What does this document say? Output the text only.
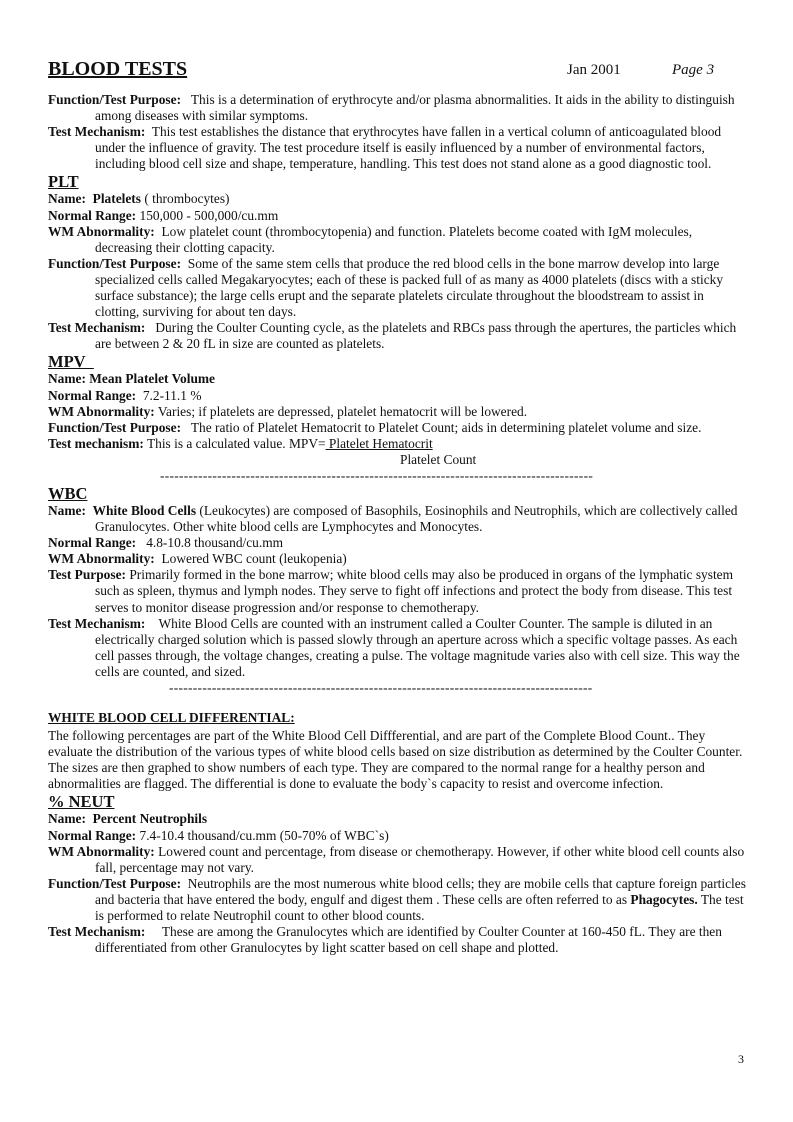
BLOOD TESTS	Jan 2001	Page 3

Function/Test Purpose: This is a determination of erythrocyte and/or plasma abnormalities. It aids in the ability to distinguish among diseases with similar symptoms.

Test Mechanism: This test establishes the distance that erythrocytes have fallen in a vertical column of anticoagulated blood under the influence of gravity. The test procedure itself is easily influenced by a number of environmental factors, including blood cell size and shape, temperature, handling. This test does not stand alone as a good diagnostic tool.

PLT

Name: Platelets ( thrombocytes)

Normal Range: 150,000 - 500,000/cu.mm

WM Abnormality: Low platelet count (thrombocytopenia) and function. Platelets become coated with IgM molecules, decreasing their clotting capacity.

Function/Test Purpose: Some of the same stem cells that produce the red blood cells in the bone marrow develop into large specialized cells called Megakaryocytes; each of these is packed full of as many as 4000 platelets (discs with a sticky surface substance); the large cells erupt and the separate platelets circulate throughout the bloodstream to assist in clotting, surviving for about ten days.

Test Mechanism: During the Coulter Counting cycle, as the platelets and RBCs pass through the apertures, the particles which are between 2 & 20 fL in size are counted as platelets.

MPV

Name: Mean Platelet Volume

Normal Range: 7.2-11.1 %

WM Abnormality: Varies; if platelets are depressed, platelet hematocrit will be lowered.

Function/Test Purpose: The ratio of Platelet Hematocrit to Platelet Count; aids in determining platelet volume and size.

Test mechanism: This is a calculated value. MPV= Platelet Hematocrit

Platelet Count

-------------------------------------------------------------------------------------------

WBC

Name: White Blood Cells (Leukocytes) are composed of Basophils, Eosinophils and Neutrophils, which are collectively called Granulocytes. Other white blood cells are Lymphocytes and Monocytes.

Normal Range: 4.8-10.8 thousand/cu.mm

WM Abnormality: Lowered WBC count (leukopenia)

Test Purpose: Primarily formed in the bone marrow; white blood cells may also be produced in organs of the lymphatic system such as spleen, thymus and lymph nodes. They serve to fight off infections and protect the body from disease. This test serves to monitor disease progression and/or response to chemotherapy.

Test Mechanism: White Blood Cells are counted with an instrument called a Coulter Counter. The sample is diluted in an electrically charged solution which is passed slowly through an aperture across which a specific voltage passes. As each cell passes through, the voltage changes, creating a pulse. The voltage magnitude varies also with cell size. This way the cells are counted, and sized.

-----------------------------------------------------------------------------------------

WHITE BLOOD CELL DIFFERENTIAL:

The following percentages are part of the White Blood Cell Diffferential, and are part of the Complete Blood Count.. They evaluate the distribution of the various types of white blood cells based on size distribution as determined by the Coulter Counter. The sizes are then graphed to show numbers of each type. They are compared to the normal range for a healthy person and abnormalities are flagged. The differential is done to evaluate the body`s capacity to resist and overcome infection.

% NEUT

Name: Percent Neutrophils

Normal Range: 7.4-10.4 thousand/cu.mm (50-70% of WBC`s)

WM Abnormality: Lowered count and percentage, from disease or chemotherapy. However, if other white blood cell counts also fall, percentage may not vary.

Function/Test Purpose: Neutrophils are the most numerous white blood cells; they are mobile cells that capture foreign particles and bacteria that have entered the body, engulf and digest them . These cells are often referred to as Phagocytes. The test is performed to relate Neutrophil count to other blood counts.

Test Mechanism: These are among the Granulocytes which are identified by Coulter Counter at 160-450 fL. They are then differentiated from other Granulocytes by light scatter based on cell shape and plotted.

3
